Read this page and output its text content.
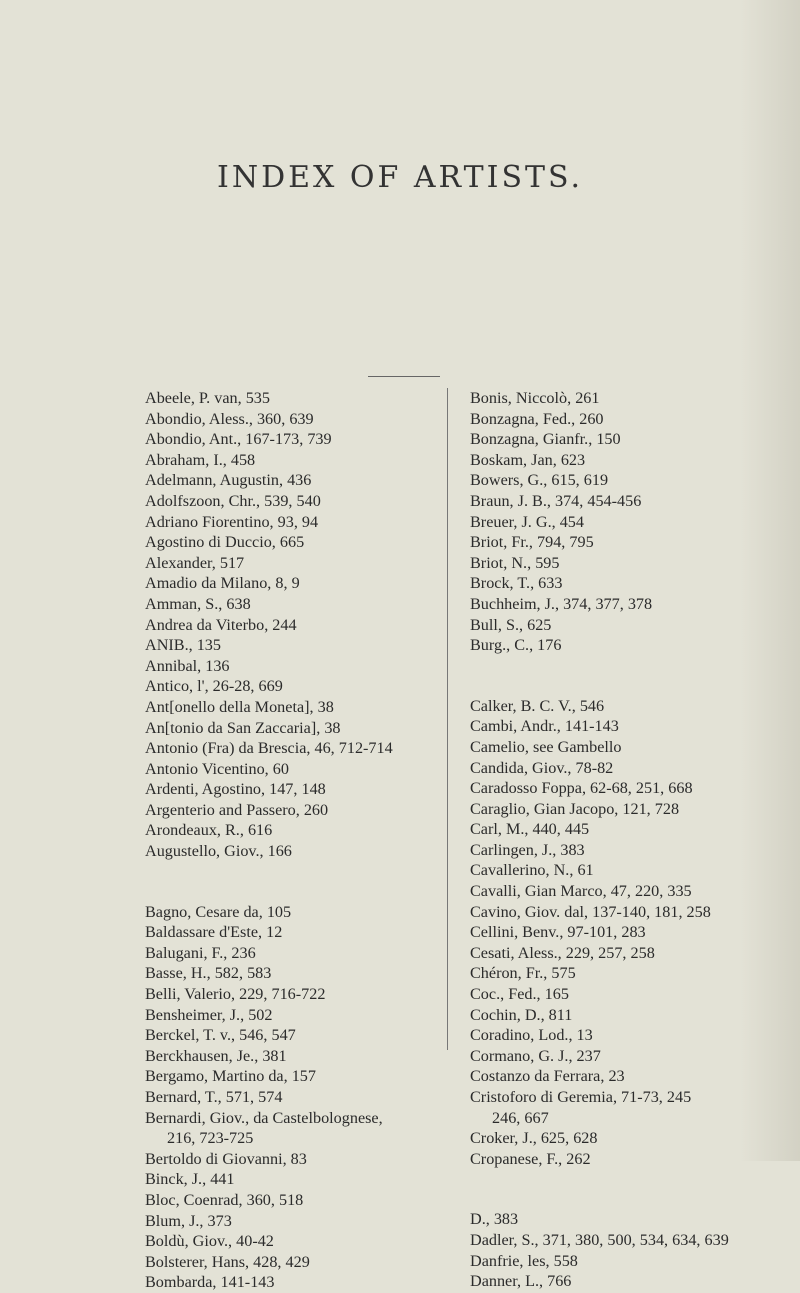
INDEX OF ARTISTS.
Abeele, P. van, 535
Abondio, Aless., 360, 639
Abondio, Ant., 167-173, 739
Abraham, I., 458
Adelmann, Augustin, 436
Adolfszoon, Chr., 539, 540
Adriano Fiorentino, 93, 94
Agostino di Duccio, 665
Alexander, 517
Amadio da Milano, 8, 9
Amman, S., 638
Andrea da Viterbo, 244
ANIB., 135
Annibal, 136
Antico, l', 26-28, 669
Ant[onello della Moneta], 38
An[tonio da San Zaccaria], 38
Antonio (Fra) da Brescia, 46, 712-714
Antonio Vicentino, 60
Ardenti, Agostino, 147, 148
Argenterio and Passero, 260
Arondeaux, R., 616
Augustello, Giov., 166
Bagno, Cesare da, 105
Baldassare d'Este, 12
Balugani, F., 236
Basse, H., 582, 583
Belli, Valerio, 229, 716-722
Bensheimer, J., 502
Berckel, T. v., 546, 547
Berckhausen, Je., 381
Bergamo, Martino da, 157
Bernard, T., 571, 574
Bernardi, Giov., da Castelbolognese,
216, 723-725
Bertoldo di Giovanni, 83
Binck, J., 441
Bloc, Coenrad, 360, 518
Blum, J., 373
Boldù, Giov., 40-42
Bolsterer, Hans, 428, 429
Bombarda, 141-143
Bonis, Niccolò, 261
Bonzagna, Fed., 260
Bonzagna, Gianfr., 150
Boskam, Jan, 623
Bowers, G., 615, 619
Braun, J. B., 374, 454-456
Breuer, J. G., 454
Briot, Fr., 794, 795
Briot, N., 595
Brock, T., 633
Buchheim, J., 374, 377, 378
Bull, S., 625
Burg., C., 176
Calker, B. C. V., 546
Cambi, Andr., 141-143
Camelio, see Gambello
Candida, Giov., 78-82
Caradosso Foppa, 62-68, 251, 668
Caraglio, Gian Jacopo, 121, 728
Carl, M., 440, 445
Carlingen, J., 383
Cavallerino, N., 61
Cavalli, Gian Marco, 47, 220, 335
Cavino, Giov. dal, 137-140, 181, 258
Cellini, Benv., 97-101, 283
Cesati, Aless., 229, 257, 258
Chéron, Fr., 575
Coc., Fed., 165
Cochin, D., 811
Coradino, Lod., 13
Cormano, G. J., 237
Costanzo da Ferrara, 23
Cristoforo di Geremia, 71-73, 245
246, 667
Croker, J., 625, 628
Cropanese, F., 262
D., 383
Dadler, S., 371, 380, 500, 534, 634, 639
Danfrie, les, 558
Danner, L., 766
